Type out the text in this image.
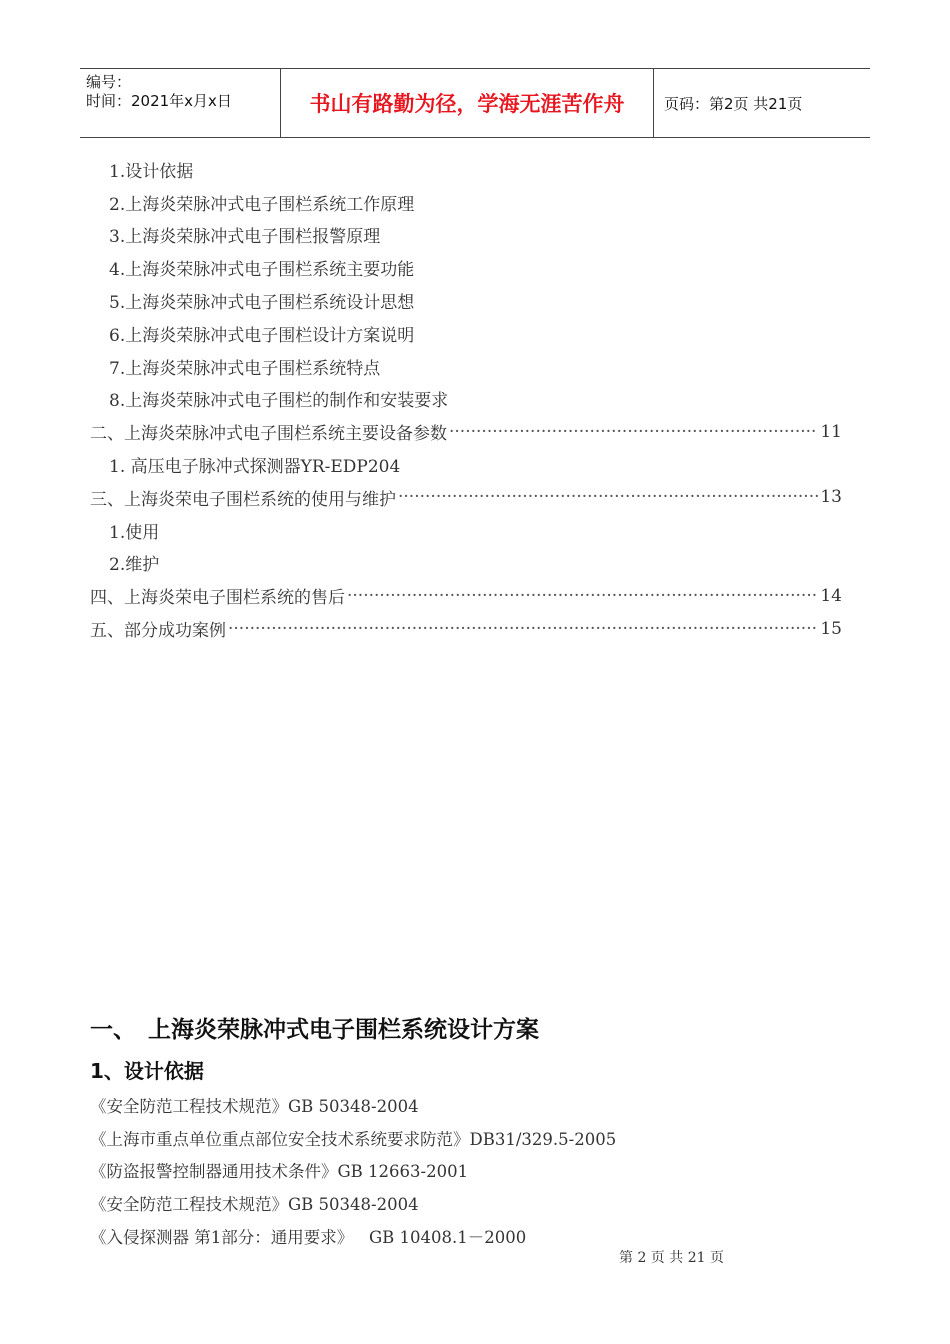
编号：
时间：2021年x月x日	书山有路勤为径，学海无涯苦作舟	页码：第2页 共21页
1.设计依据
2.上海炎荣脉冲式电子围栏系统工作原理
3.上海炎荣脉冲式电子围栏报警原理
4.上海炎荣脉冲式电子围栏系统主要功能
5.上海炎荣脉冲式电子围栏系统设计思想
6.上海炎荣脉冲式电子围栏设计方案说明
7.上海炎荣脉冲式电子围栏系统特点
8.上海炎荣脉冲式电子围栏的制作和安装要求
二、上海炎荣脉冲式电子围栏系统主要设备参数 ·····	11
1. 高压电子脉冲式探测器YR-EDP204
三、上海炎荣电子围栏系统的使用与维护 ·····	13
1.使用
2.维护
四、上海炎荣电子围栏系统的售后 ·····	14
五、部分成功案例 ·····	15
一、 上海炎荣脉冲式电子围栏系统设计方案
1、设计依据
《安全防范工程技术规范》GB 50348-2004
《上海市重点单位重点部位安全技术系统要求防范》DB31/329.5-2005
《防盗报警控制器通用技术条件》GB 12663-2001
《安全防范工程技术规范》GB 50348-2004
《入侵探测器 第1部分：通用要求》   GB 10408.1－2000
第 2 页 共 21 页
